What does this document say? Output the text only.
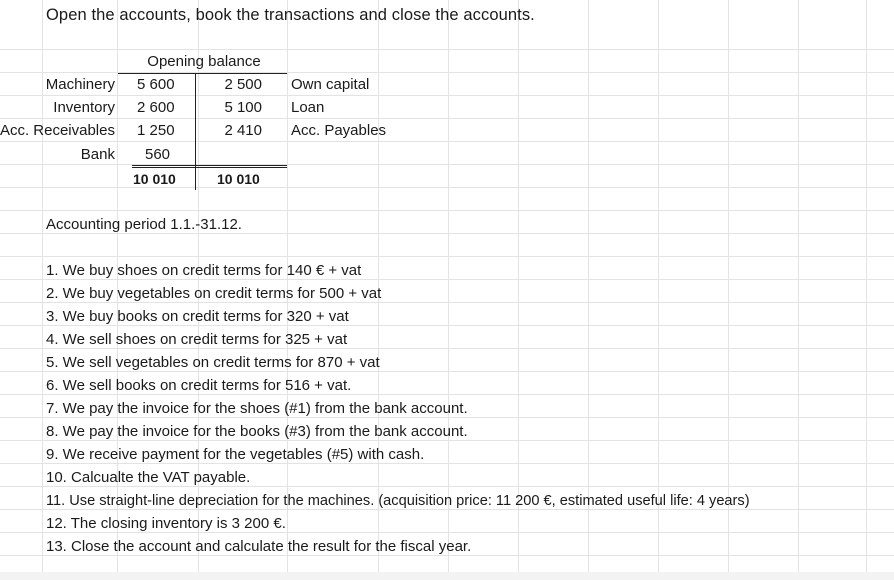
Open the accounts, book the transactions and close the accounts.
Opening balance
Machinery 5 600	2 500 Own capital
Inventory 2 600	5 100 Loan
Acc. Receivables 1 250	2 410 Acc. Payables
Bank 560
10 010	10 010
Accounting period 1.1.-31.12.
1. We buy shoes on credit terms for 140 € + vat
2. We buy vegetables on credit terms for 500 + vat
3. We buy books on credit terms for 320 + vat
4. We sell shoes on credit terms for 325 + vat
5. We sell vegetables on credit terms for 870 + vat
6. We sell books on credit terms for 516 + vat.
7. We pay the invoice for the shoes (#1) from the bank account.
8. We pay the invoice for the books (#3) from the bank account.
9. We receive payment for the vegetables (#5) with cash.
10. Calcualte the VAT payable.
11. Use straight-line depreciation for the machines. (acquisition price: 11 200 €, estimated useful life: 4 years)
12. The closing inventory is 3 200 €.
13. Close the account and calculate the result for the fiscal year.
